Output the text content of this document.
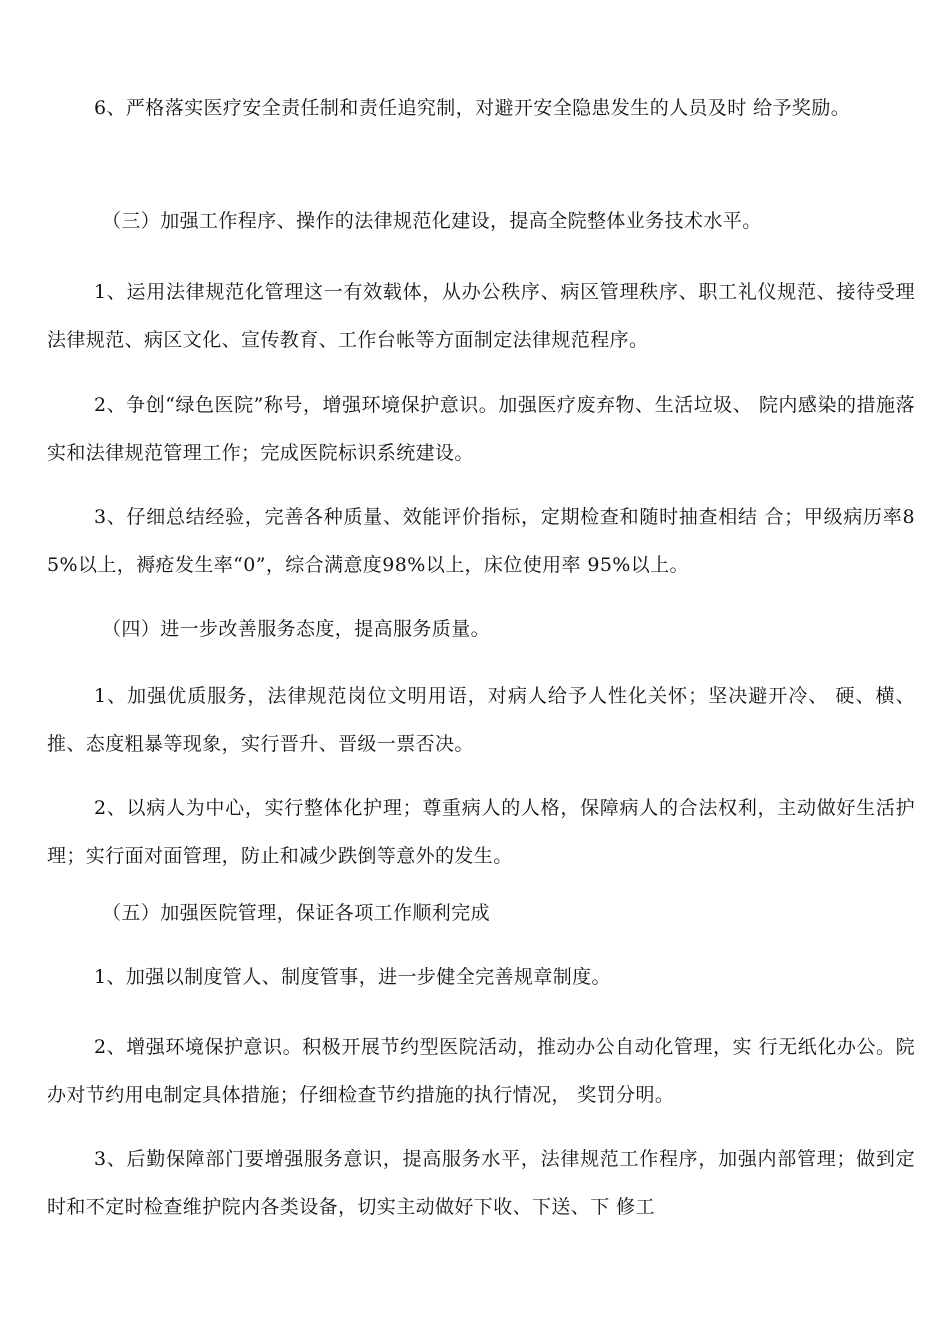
6、严格落实医疗安全责任制和责任追究制，对避开安全隐患发生的人员及时 给予奖励。

（三）加强工作程序、操作的法律规范化建设，提高全院整体业务技术水平。

1、运用法律规范化管理这一有效载体，从办公秩序、病区管理秩序、职工礼仪规范、接待受理法律规范、病区文化、宣传教育、工作台帐等方面制定法律规范程序。

2、争创“绿色医院”称号，增强环境保护意识。加强医疗废弃物、生活垃圾、 院内感染的措施落实和法律规范管理工作；完成医院标识系统建设。

3、仔细总结经验，完善各种质量、效能评价指标，定期检查和随时抽查相结 合；甲级病历率85%以上，褥疮发生率“0”，综合满意度98%以上，床位使用率 95%以上。

（四）进一步改善服务态度，提高服务质量。

1、加强优质服务，法律规范岗位文明用语，对病人给予人性化关怀；坚决避开冷、 硬、横、推、态度粗暴等现象，实行晋升、晋级一票否决。

2、以病人为中心，实行整体化护理；尊重病人的人格，保障病人的合法权利，主动做好生活护理；实行面对面管理，防止和减少跌倒等意外的发生。

（五）加强医院管理，保证各项工作顺利完成

1、加强以制度管人、制度管事，进一步健全完善规章制度。

2、增强环境保护意识。积极开展节约型医院活动，推动办公自动化管理，实 行无纸化办公。院办对节约用电制定具体措施；仔细检查节约措施的执行情况， 奖罚分明。

3、后勤保障部门要增强服务意识，提高服务水平，法律规范工作程序，加强内部管理；做到定时和不定时检查维护院内各类设备，切实主动做好下收、下送、下 修工
